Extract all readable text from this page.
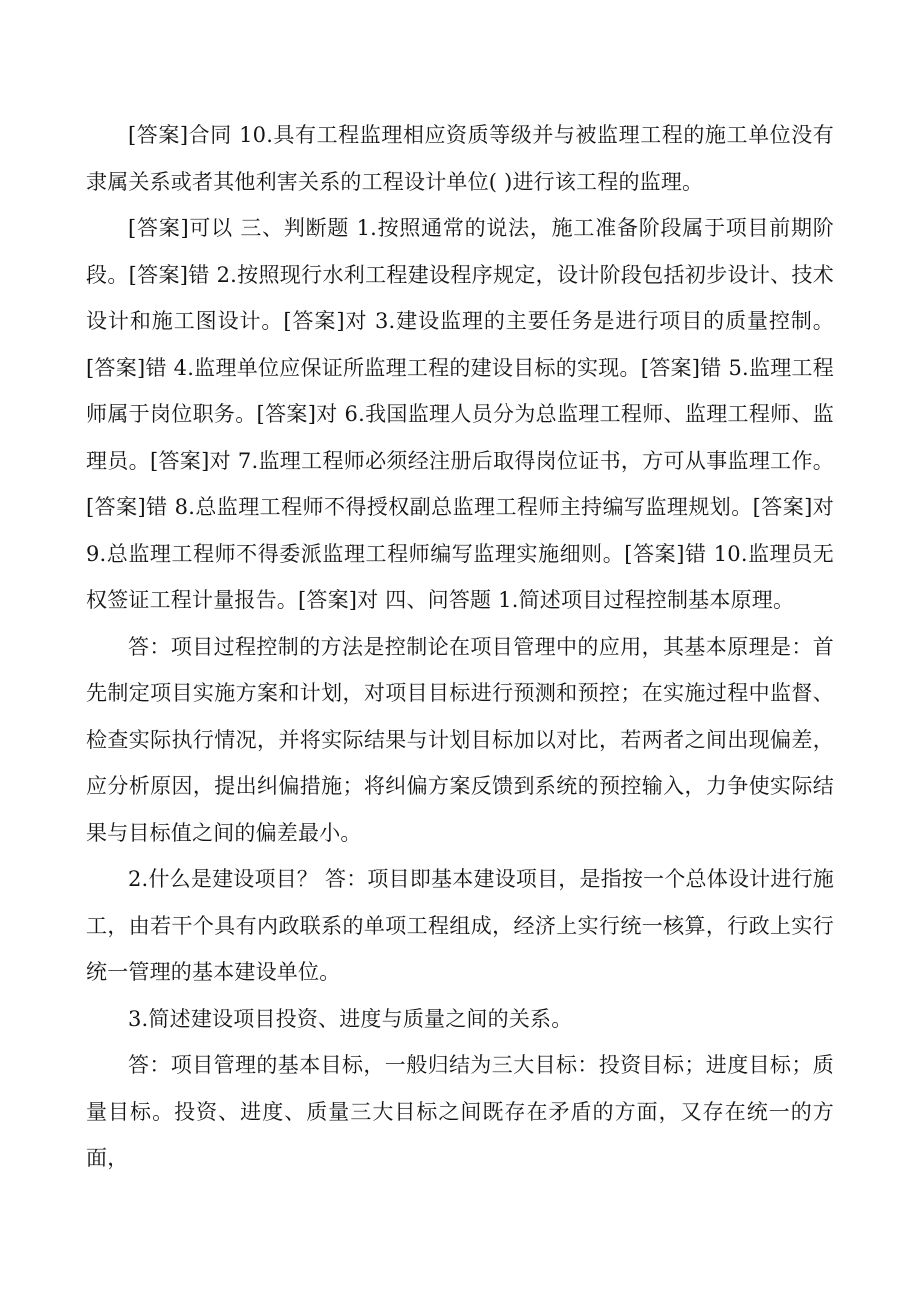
[答案]合同 10.具有工程监理相应资质等级并与被监理工程的施工单位没有隶属关系或者其他利害关系的工程设计单位( )进行该工程的监理。

[答案]可以 三、判断题 1.按照通常的说法，施工准备阶段属于项目前期阶段。[答案]错 2.按照现行水利工程建设程序规定，设计阶段包括初步设计、技术设计和施工图设计。[答案]对 3.建设监理的主要任务是进行项目的质量控制。[答案]错 4.监理单位应保证所监理工程的建设目标的实现。[答案]错 5.监理工程师属于岗位职务。[答案]对 6.我国监理人员分为总监理工程师、监理工程师、监理员。[答案]对 7.监理工程师必须经注册后取得岗位证书，方可从事监理工作。[答案]错 8.总监理工程师不得授权副总监理工程师主持编写监理规划。[答案]对 9.总监理工程师不得委派监理工程师编写监理实施细则。[答案]错 10.监理员无权签证工程计量报告。[答案]对 四、问答题 1.简述项目过程控制基本原理。

答：项目过程控制的方法是控制论在项目管理中的应用，其基本原理是：首先制定项目实施方案和计划，对项目目标进行预测和预控；在实施过程中监督、检查实际执行情况，并将实际结果与计划目标加以对比，若两者之间出现偏差，应分析原因，提出纠偏措施；将纠偏方案反馈到系统的预控输入，力争使实际结果与目标值之间的偏差最小。

2.什么是建设项目？ 答：项目即基本建设项目，是指按一个总体设计进行施工，由若干个具有内政联系的单项工程组成，经济上实行统一核算，行政上实行统一管理的基本建设单位。

3.简述建设项目投资、进度与质量之间的关系。

答：项目管理的基本目标，一般归结为三大目标：投资目标；进度目标；质量目标。投资、进度、质量三大目标之间既存在矛盾的方面，又存在统一的方面，
